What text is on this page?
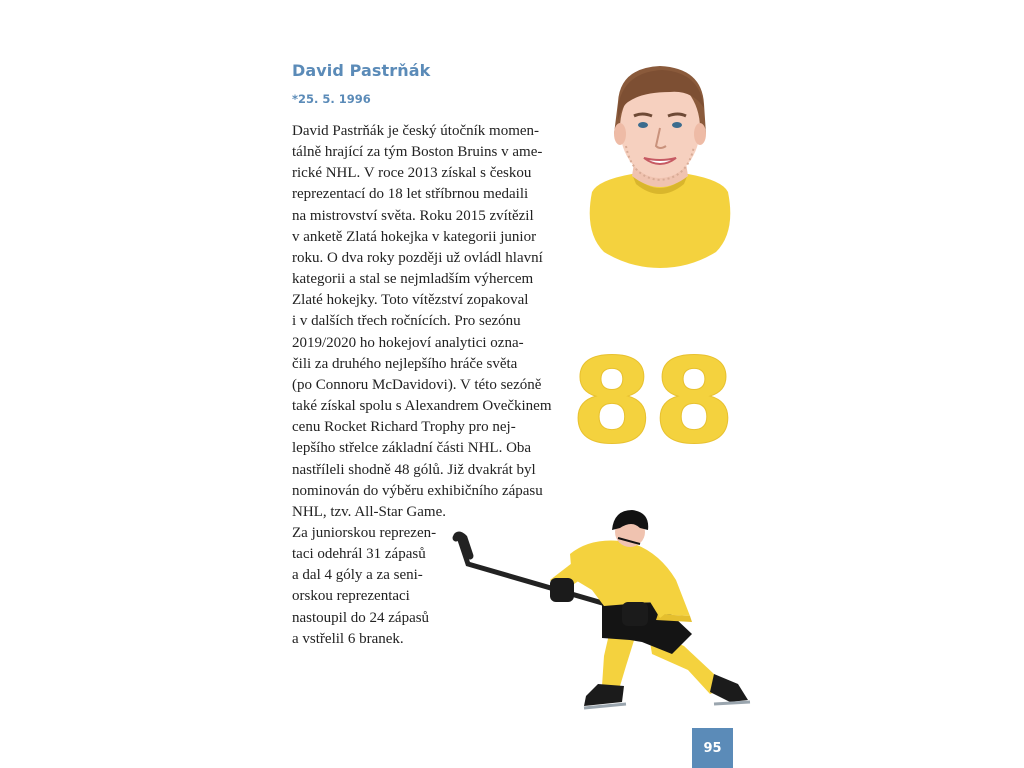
David Pastrňák

*25. 5. 1996

David Pastrňák je český útočník momen-
tálně hrající za tým Boston Bruins v ame-
rické NHL. V roce 2013 získal s českou
reprezentací do 18 let stříbrnou medaili
na mistrovství světa. Roku 2015 zvítězil
v anketě Zlatá hokejka v kategorii junior
roku. O dva roky později už ovládl hlavní
kategorii a stal se nejmladším výhercem
Zlaté hokejky. Toto vítězství zopakoval
i v dalších třech ročnících. Pro sezónu
2019/2020 ho hokejoví analytici ozna-
čili za druhého nejlepšího hráče světa
(po Connoru McDavidovi). V této sezóně
také získal spolu s Alexandrem Ovečkinem
cenu Rocket Richard Trophy pro nej-
lepšího střelce základní části NHL. Oba
nastříleli shodně 48 gólů. Již dvakrát byl
nominován do výběru exhibičního zápasu
NHL, tzv. All-Star Game.
Za juniorskou reprezen-
taci odehrál 31 zápasů
a dal 4 góly a za seni-
orskou reprezentaci
nastoupil do 24 zápasů
a vstřelil 6 branek.
88
95
